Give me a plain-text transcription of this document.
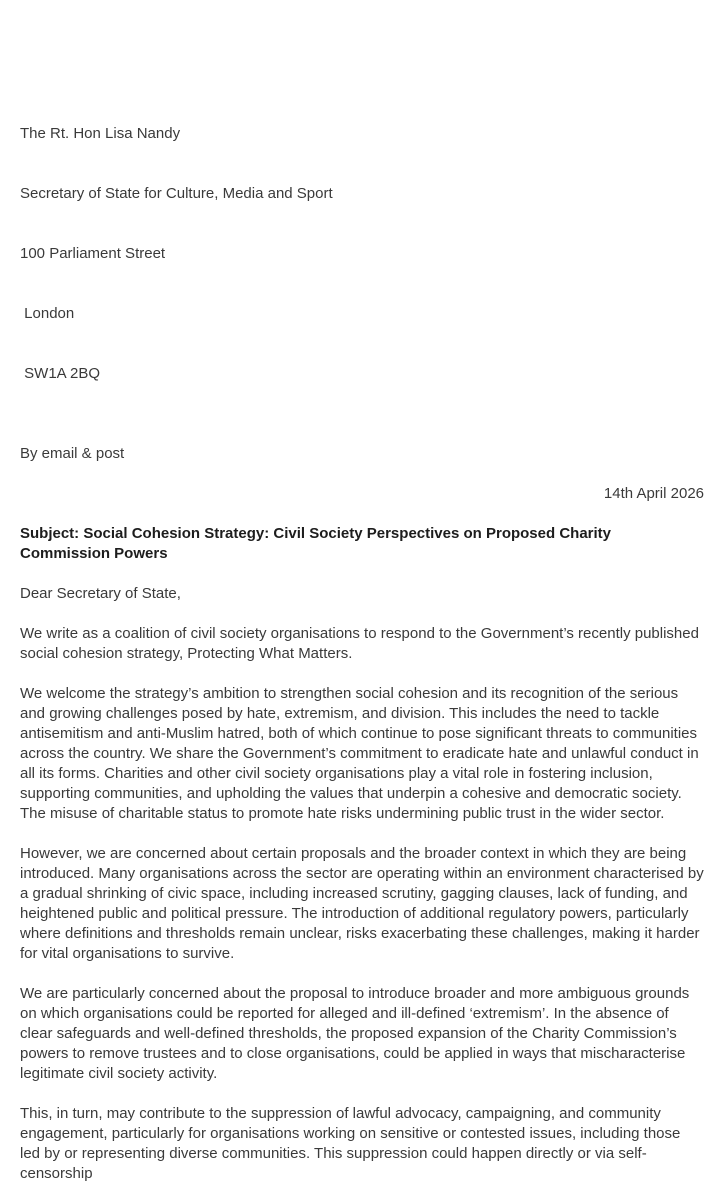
The Rt. Hon Lisa Nandy

Secretary of State for Culture, Media and Sport

100 Parliament Street

London

SW1A 2BQ

By email & post
14th April 2026
Subject: Social Cohesion Strategy: Civil Society Perspectives on Proposed Charity Commission Powers
Dear Secretary of State,

We write as a coalition of civil society organisations to respond to the Government’s recently published social cohesion strategy, Protecting What Matters.

We welcome the strategy’s ambition to strengthen social cohesion and its recognition of the serious and growing challenges posed by hate, extremism, and division. This includes the need to tackle antisemitism and anti-Muslim hatred, both of which continue to pose significant threats to communities across the country. We share the Government’s commitment to eradicate hate and unlawful conduct in all its forms. Charities and other civil society organisations play a vital role in fostering inclusion, supporting communities, and upholding the values that underpin a cohesive and democratic society. The misuse of charitable status to promote hate risks undermining public trust in the wider sector.

However, we are concerned about certain proposals and the broader context in which they are being introduced. Many organisations across the sector are operating within an environment characterised by a gradual shrinking of civic space, including increased scrutiny, gagging clauses, lack of funding, and heightened public and political pressure. The introduction of additional regulatory powers, particularly where definitions and thresholds remain unclear, risks exacerbating these challenges, making it harder for vital organisations to survive.

We are particularly concerned about the proposal to introduce broader and more ambiguous grounds on which organisations could be reported for alleged and ill-defined ‘extremism’. In the absence of clear safeguards and well-defined thresholds, the proposed expansion of the Charity Commission’s powers to remove trustees and to close organisations, could be applied in ways that mischaracterise legitimate civil society activity.

This, in turn, may contribute to the suppression of lawful advocacy, campaigning, and community engagement, particularly for organisations working on sensitive or contested issues, including those led by or representing diverse communities. This suppression could happen directly or via self-censorship
